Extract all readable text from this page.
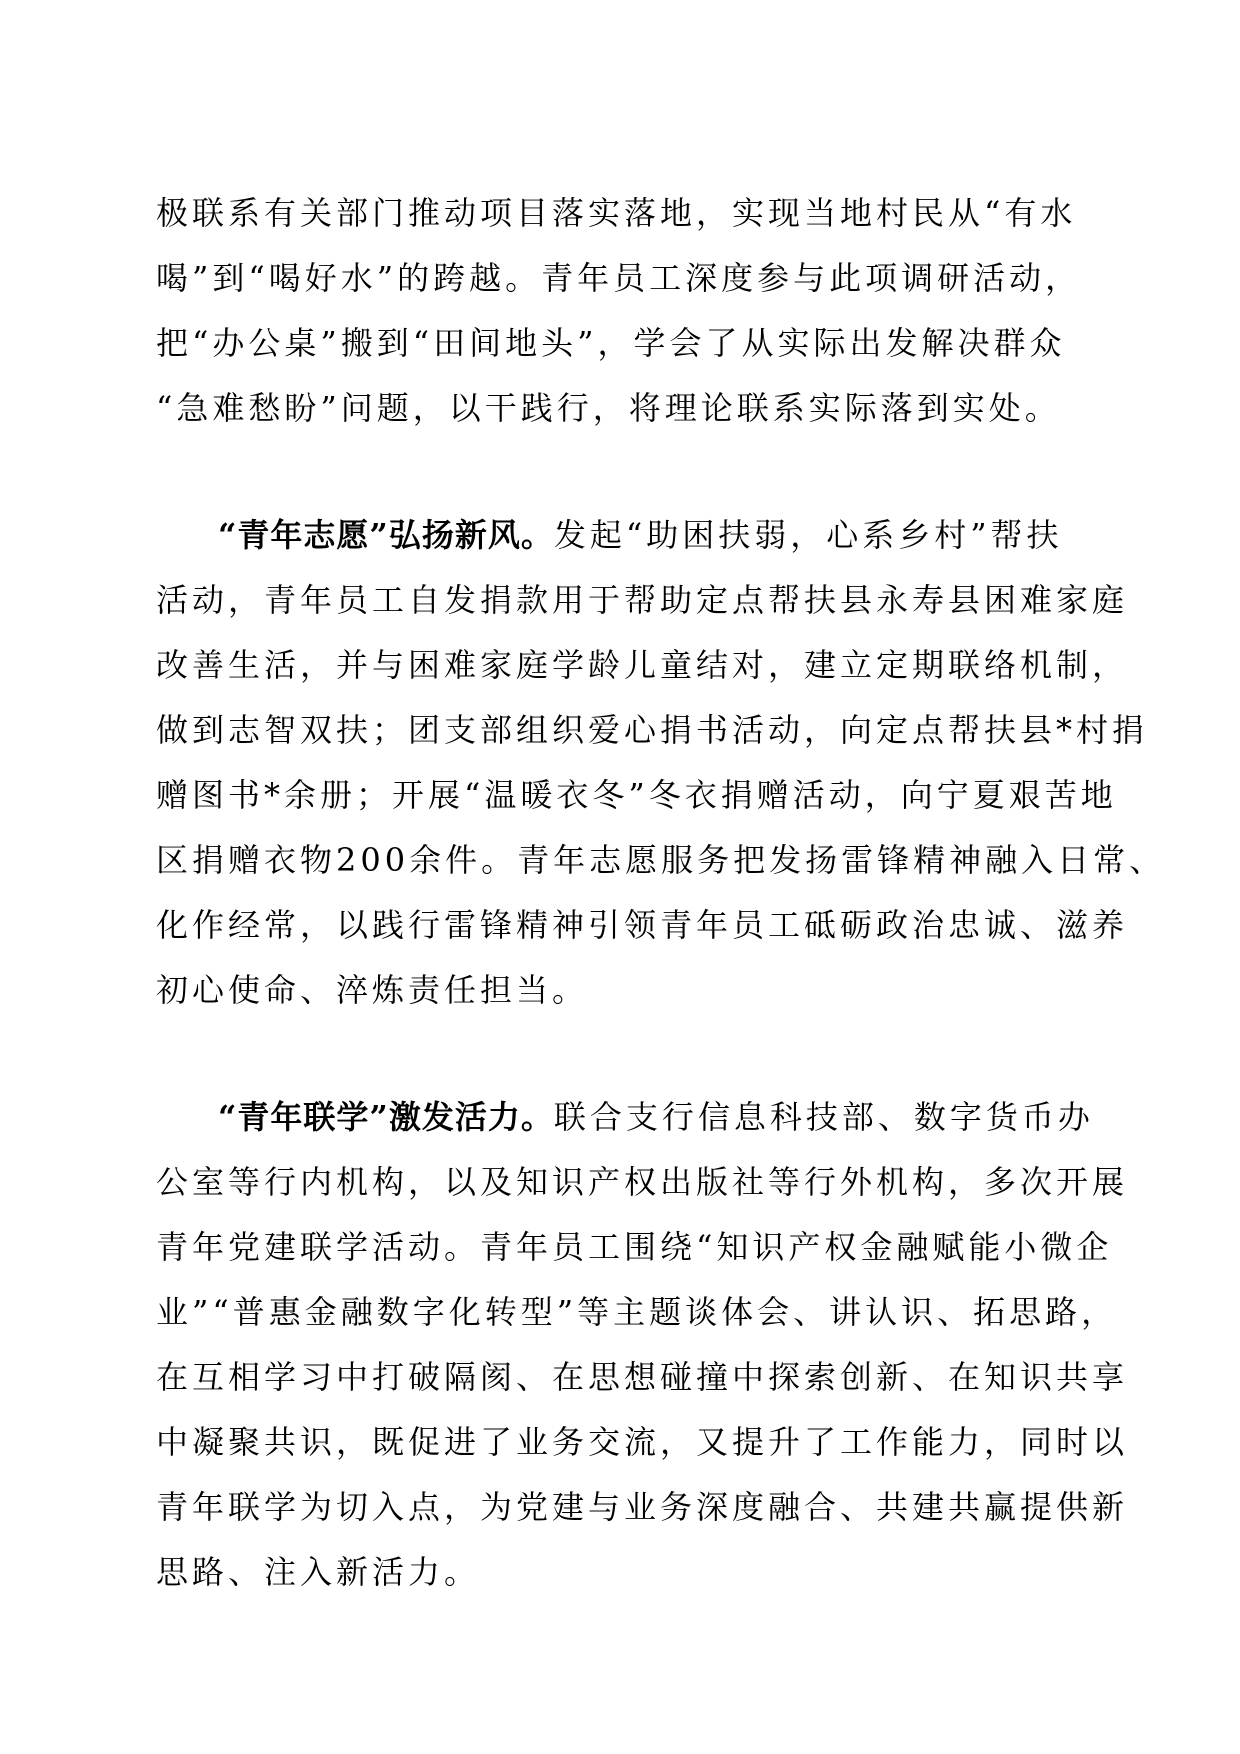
极联系有关部门推动项目落实落地，实现当地村民从“有水
喝”到“喝好水”的跨越。青年员工深度参与此项调研活动，
把“办公桌”搬到“田间地头”，学会了从实际出发解决群众
“急难愁盼”问题，以干践行，将理论联系实际落到实处。
“青年志愿”弘扬新风。发起“助困扶弱，心系乡村”帮扶
活动，青年员工自发捐款用于帮助定点帮扶县永寿县困难家庭
改善生活，并与困难家庭学龄儿童结对，建立定期联络机制，
做到志智双扶；团支部组织爱心捐书活动，向定点帮扶县*村捐
赠图书*余册；开展“温暖衣冬”冬衣捐赠活动，向宁夏艰苦地
区捐赠衣物200余件。青年志愿服务把发扬雷锋精神融入日常、
化作经常，以践行雷锋精神引领青年员工砥砺政治忠诚、滋养
初心使命、淬炼责任担当。
“青年联学”激发活力。联合支行信息科技部、数字货币办
公室等行内机构，以及知识产权出版社等行外机构，多次开展
青年党建联学活动。青年员工围绕“知识产权金融赋能小微企
业”“普惠金融数字化转型”等主题谈体会、讲认识、拓思路，
在互相学习中打破隔阂、在思想碰撞中探索创新、在知识共享
中凝聚共识，既促进了业务交流，又提升了工作能力，同时以
青年联学为切入点，为党建与业务深度融合、共建共赢提供新
思路、注入新活力。
